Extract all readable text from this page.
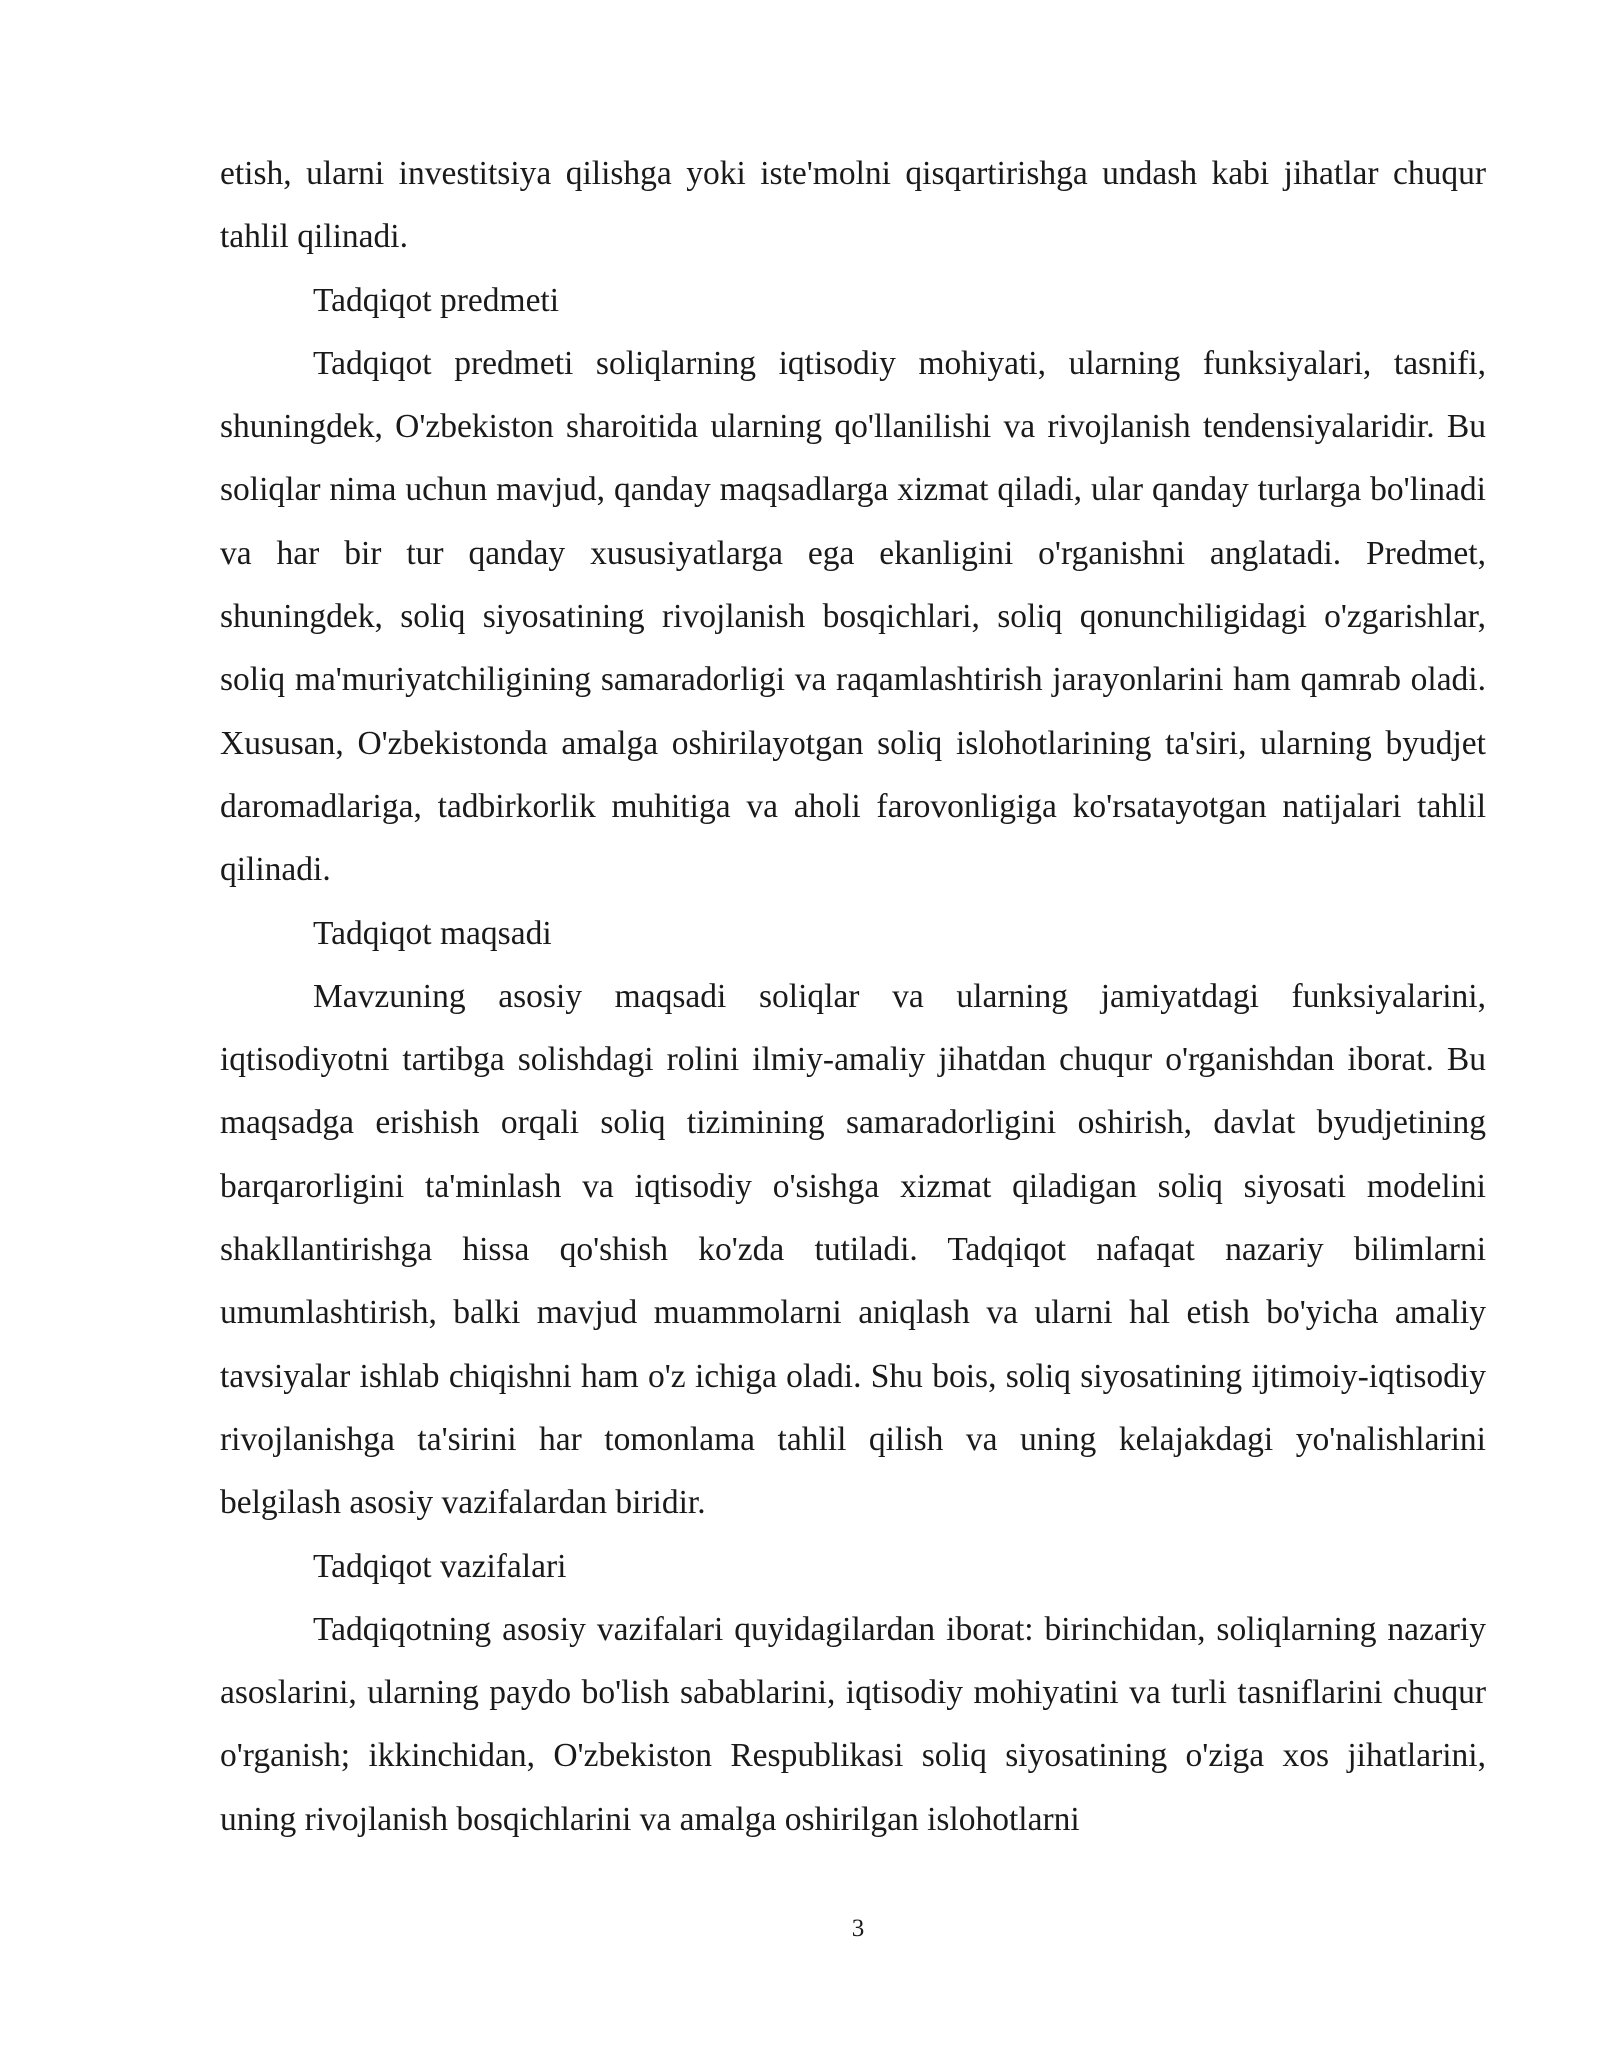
etish, ularni investitsiya qilishga yoki iste'molni qisqartirishga undash kabi jihatlar chuqur tahlil qilinadi.

Tadqiqot predmeti

Tadqiqot predmeti soliqlarning iqtisodiy mohiyati, ularning funksiyalari, tasnifi, shuningdek, O'zbekiston sharoitida ularning qo'llanilishi va rivojlanish tendensiyalaridir. Bu soliqlar nima uchun mavjud, qanday maqsadlarga xizmat qiladi, ular qanday turlarga bo'linadi va har bir tur qanday xususiyatlarga ega ekanligini o'rganishni anglatadi. Predmet, shuningdek, soliq siyosatining rivojlanish bosqichlari, soliq qonunchiligidagi o'zgarishlar, soliq ma'muriyatchiligining samaradorligi va raqamlashtirish jarayonlarini ham qamrab oladi. Xususan, O'zbekistonda amalga oshirilayotgan soliq islohotlarining ta'siri, ularning byudjet daromadlariga, tadbirkorlik muhitiga va aholi farovonligiga ko'rsatayotgan natijalari tahlil qilinadi.

Tadqiqot maqsadi

Mavzuning asosiy maqsadi soliqlar va ularning jamiyatdagi funksiyalarini, iqtisodiyotni tartibga solishdagi rolini ilmiy-amaliy jihatdan chuqur o'rganishdan iborat. Bu maqsadga erishish orqali soliq tizimining samaradorligini oshirish, davlat byudjetining barqarorligini ta'minlash va iqtisodiy o'sishga xizmat qiladigan soliq siyosati modelini shakllantirishga hissa qo'shish ko'zda tutiladi. Tadqiqot nafaqat nazariy bilimlarni umumlashtirish, balki mavjud muammolarni aniqlash va ularni hal etish bo'yicha amaliy tavsiyalar ishlab chiqishni ham o'z ichiga oladi. Shu bois, soliq siyosatining ijtimoiy-iqtisodiy rivojlanishga ta'sirini har tomonlama tahlil qilish va uning kelajakdagi yo'nalishlarini belgilash asosiy vazifalardan biridir.

Tadqiqot vazifalari

Tadqiqotning asosiy vazifalari quyidagilardan iborat: birinchidan, soliqlarning nazariy asoslarini, ularning paydo bo'lish sabablarini, iqtisodiy mohiyatini va turli tasniflarini chuqur o'rganish; ikkinchidan, O'zbekiston Respublikasi soliq siyosatining o'ziga xos jihatlarini, uning rivojlanish bosqichlarini va amalga oshirilgan islohotlarni

3
